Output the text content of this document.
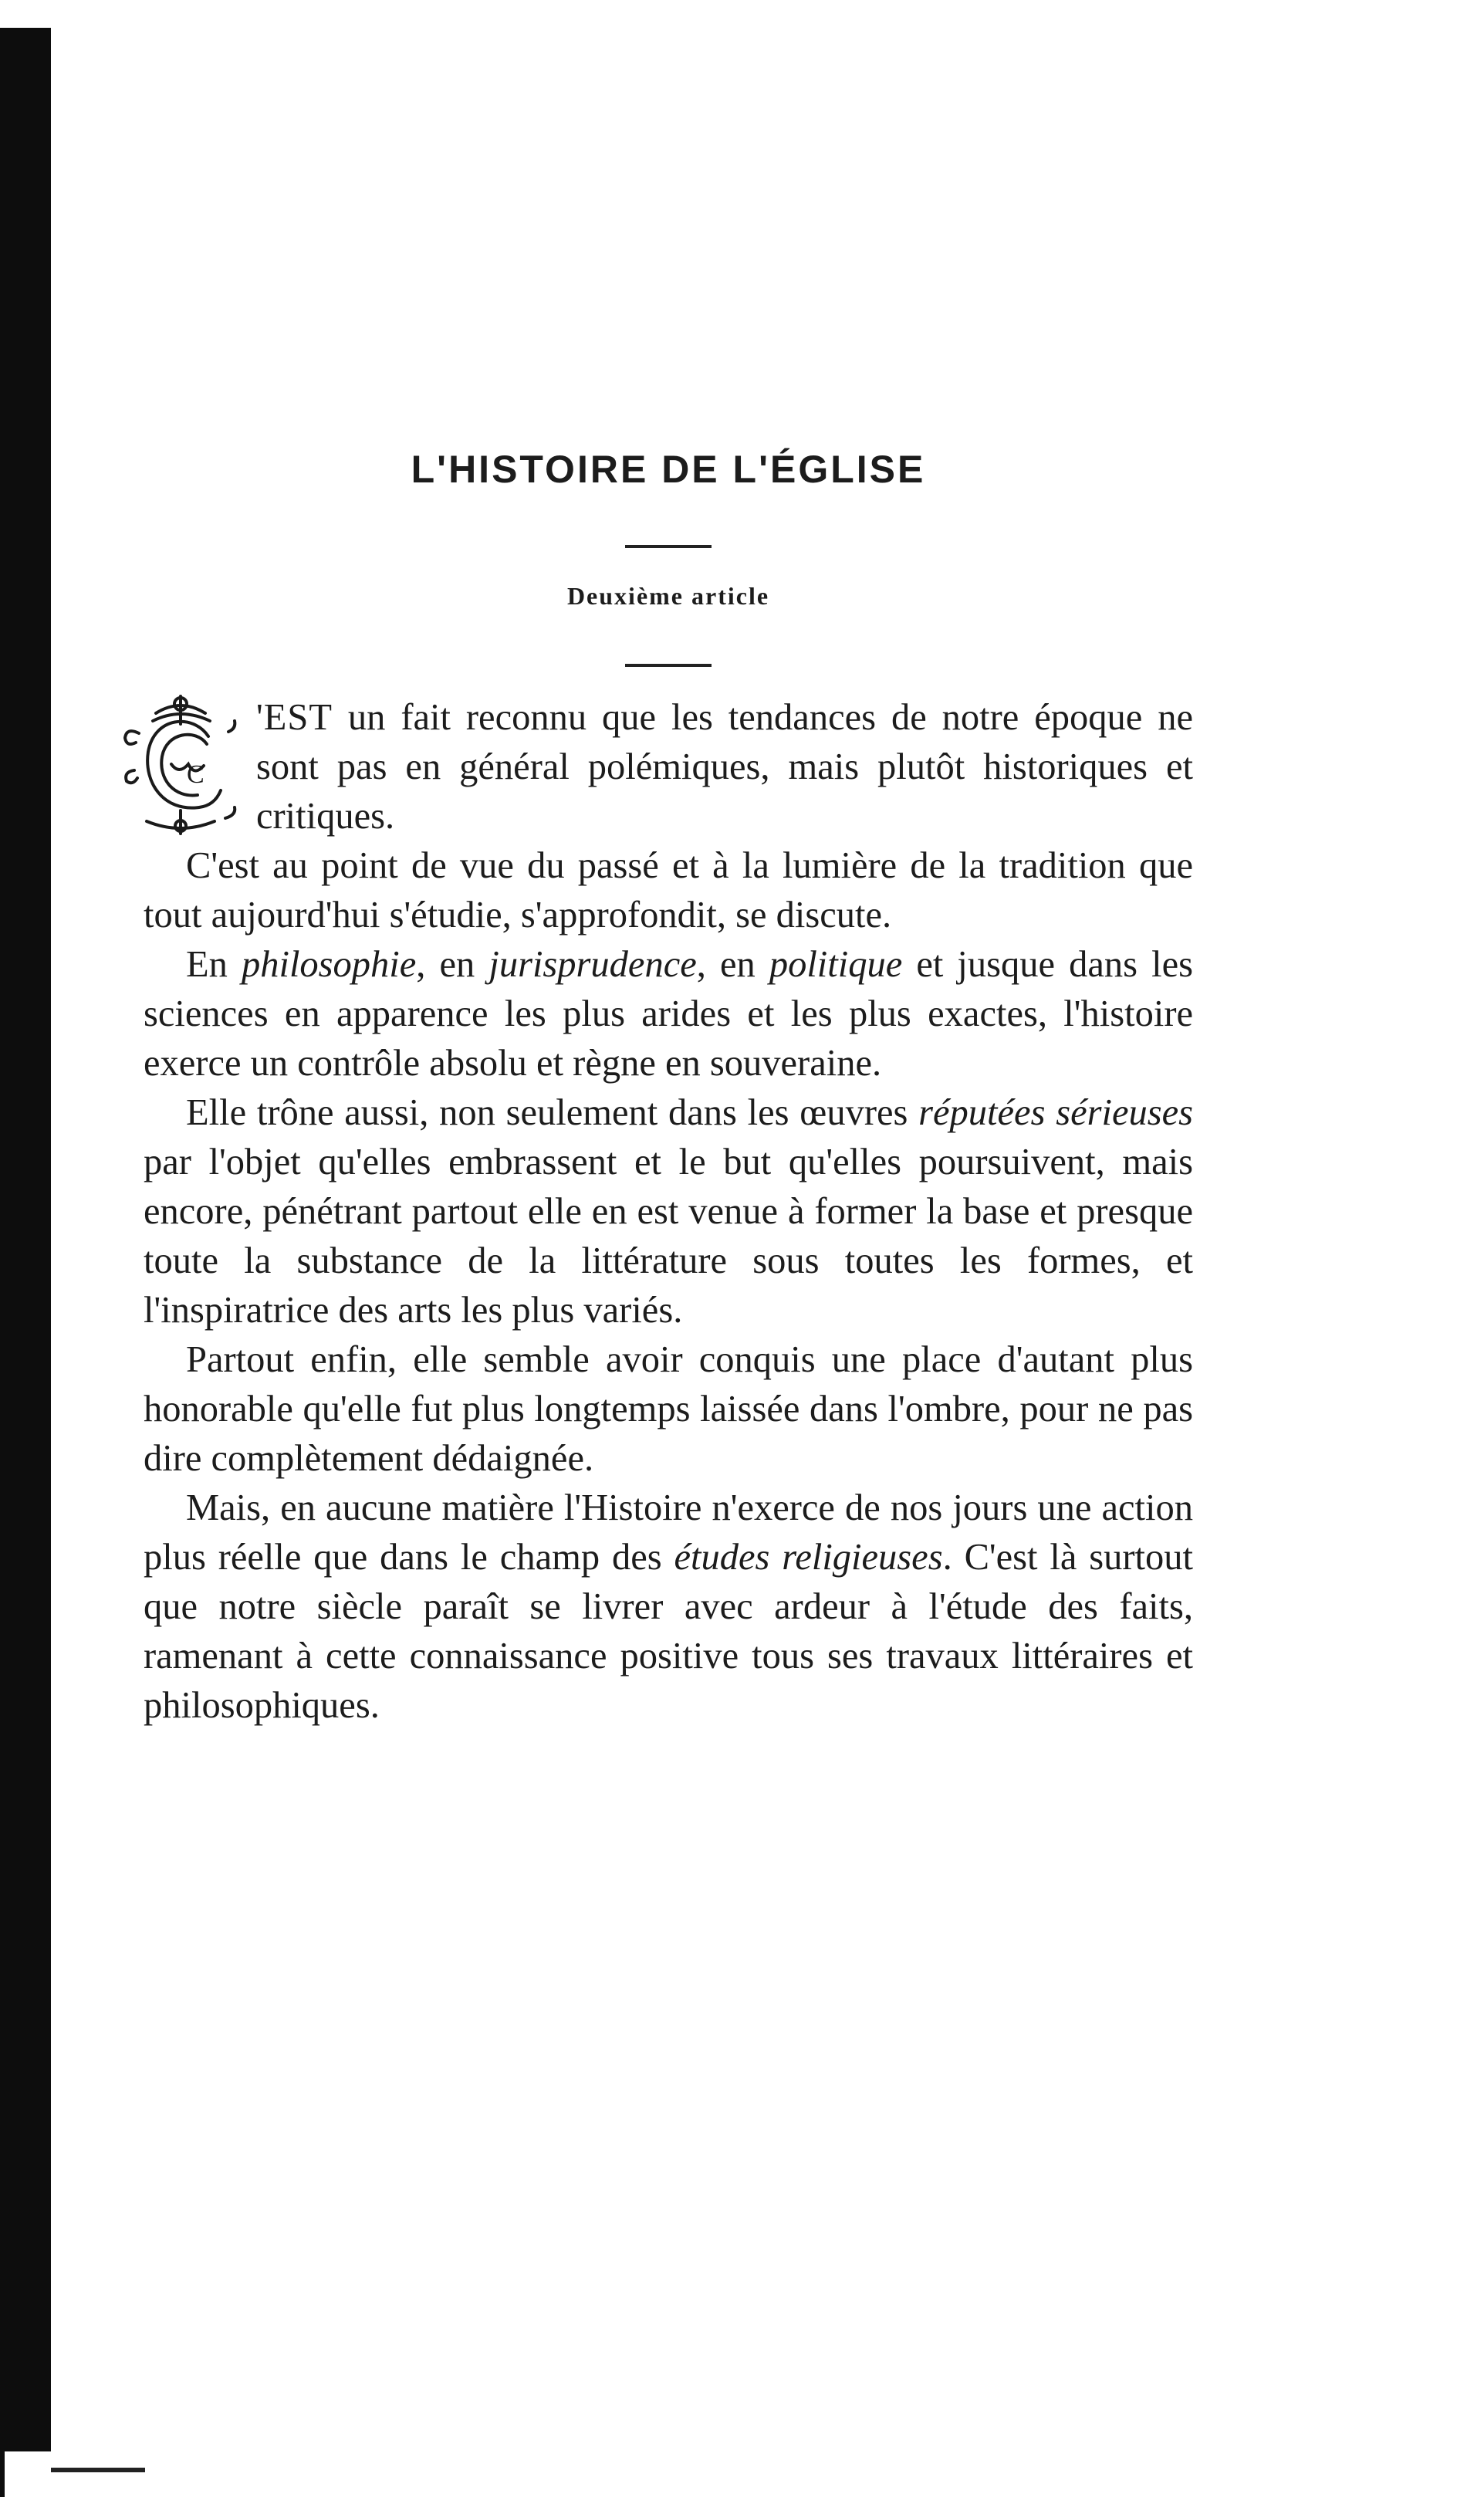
L'HISTOIRE DE L'ÉGLISE
Deuxième article

C
'EST un fait reconnu que les tendances de notre époque ne sont pas en général polémiques, mais plutôt historiques et critiques.

C'est au point de vue du passé et à la lumière de la tradition que tout aujourd'hui s'étudie, s'approfondit, se discute.

En philosophie, en jurisprudence, en politique et jusque dans les sciences en apparence les plus arides et les plus exactes, l'histoire exerce un contrôle absolu et règne en souveraine.

Elle trône aussi, non seulement dans les œuvres réputées sérieuses par l'objet qu'elles embrassent et le but qu'elles poursuivent, mais encore, pénétrant partout elle en est venue à former la base et presque toute la substance de la littérature sous toutes les formes, et l'inspiratrice des arts les plus variés.

Partout enfin, elle semble avoir conquis une place d'autant plus honorable qu'elle fut plus longtemps laissée dans l'ombre, pour ne pas dire complètement dédaignée.

Mais, en aucune matière l'Histoire n'exerce de nos jours une action plus réelle que dans le champ des études religieuses. C'est là surtout que notre siècle paraît se livrer avec ardeur à l'étude des faits, ramenant à cette connaissance positive tous ses travaux littéraires et philosophiques.
